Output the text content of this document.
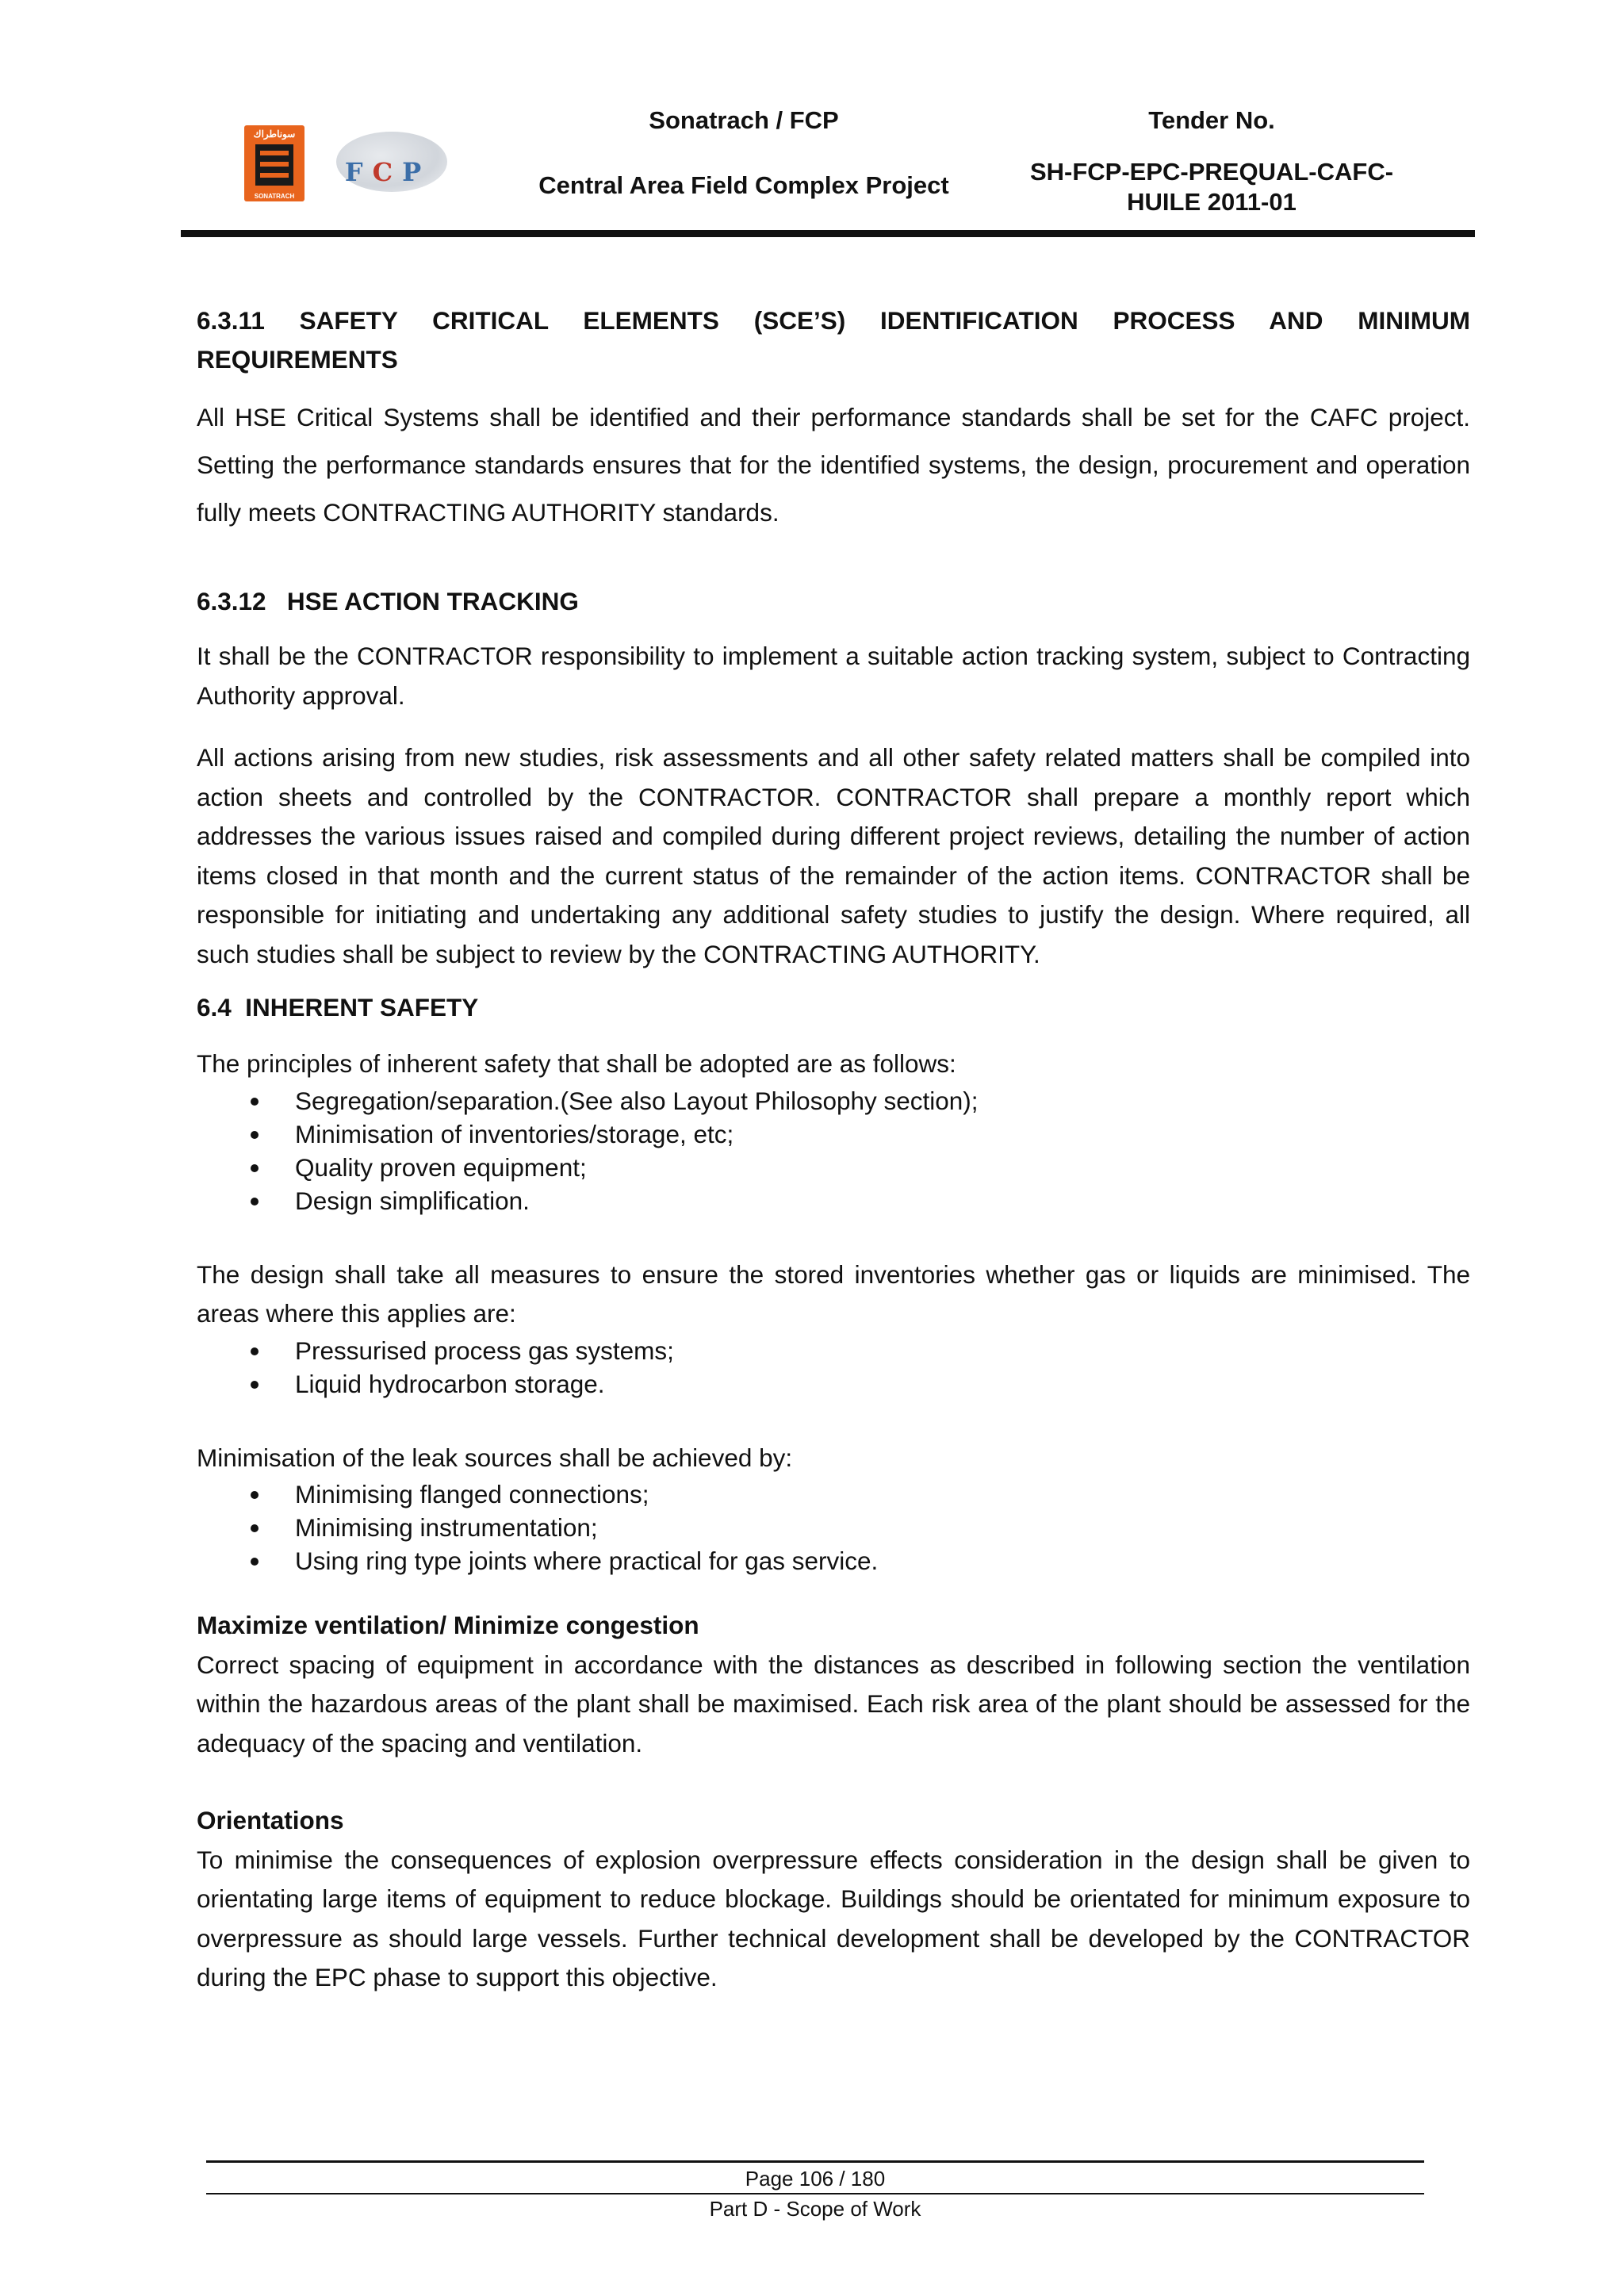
سوناطراك
SONATRACH
FCP
Sonatrach / FCP
Central Area Field Complex Project
Tender No.
SH-FCP-EPC-PREQUAL-CAFC-
HUILE 2011-01
6.3.11 SAFETY CRITICAL ELEMENTS (SCE’S) IDENTIFICATION PROCESS AND MINIMUM
REQUIREMENTS

All HSE Critical Systems shall be identified and their performance standards shall be set for the CAFC project. Setting the performance standards ensures that for the identified systems, the design, procurement and operation fully meets CONTRACTING AUTHORITY standards.

6.3.12   HSE ACTION TRACKING

It shall be the CONTRACTOR responsibility to implement a suitable action tracking system, subject to Contracting Authority approval.

All actions arising from new studies, risk assessments and all other safety related matters shall be compiled into action sheets and controlled by the CONTRACTOR. CONTRACTOR shall prepare a monthly report which addresses the various issues raised and compiled during different project reviews, detailing the number of action items closed in that month and the current status of the remainder of the action items. CONTRACTOR shall be responsible for initiating and undertaking any additional safety studies to justify the design. Where required, all such studies shall be subject to review by the CONTRACTING AUTHORITY.

6.4  INHERENT SAFETY

The principles of inherent safety that shall be adopted are as follows:

Segregation/separation.(See also Layout Philosophy section);
Minimisation of inventories/storage, etc;
Quality proven equipment;
Design simplification.

The design shall take all measures to ensure the stored inventories whether gas or liquids are minimised. The areas where this applies are:

Pressurised process gas systems;
Liquid hydrocarbon storage.

Minimisation of the leak sources shall be achieved by:

Minimising flanged connections;
Minimising instrumentation;
Using ring type joints where practical for gas service.
Maximize ventilation/ Minimize congestion

Correct spacing of equipment in accordance with the distances as described in following section the ventilation within the hazardous areas of the plant shall be maximised. Each risk area of the plant should be assessed for the adequacy of the spacing and ventilation.

Orientations

To minimise the consequences of explosion overpressure effects consideration in the design shall be given to orientating large items of equipment to reduce blockage. Buildings should be orientated for minimum exposure to overpressure as should large vessels. Further technical development shall be developed by the CONTRACTOR during the EPC phase to support this objective.

Page 106 / 180
Part D - Scope of Work
